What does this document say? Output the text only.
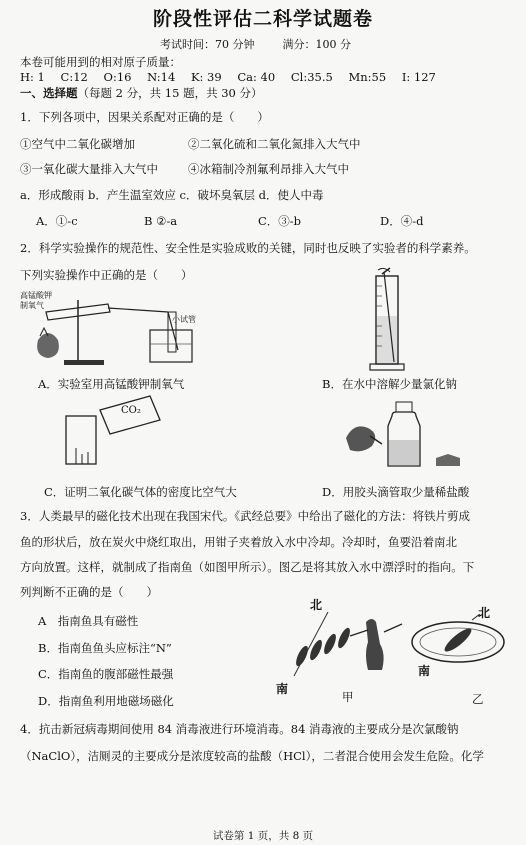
阶段性评估二科学试题卷
考试时间：70 分钟	满分：100 分
本卷可能用到的相对原子质量：
H: 1 C:12 O:16 N:14 K: 39 Ca: 40 Cl:35.5 Mn:55 I: 127
一、选择题（每题 2 分，共 15 题，共 30 分）
1．下列各项中，因果关系配对正确的是（　　）
①空气中二氧化碳增加	②二氧化硫和二氧化氮排入大气中
③一氧化碳大量排入大气中	④冰箱制冷剂氟利昂排入大气中
a．形成酸雨 b．产生温室效应 c．破坏臭氧层 d．使人中毒
A．①-c	B ②-a	C．③-b	D．④-d
2．科学实验操作的规范性、安全性是实验成败的关键，同时也反映了实验者的科学素养。
下列实验操作中正确的是（　　）
高锰酸钾
制氧气
小试管
A．实验室用高锰酸钾制氧气	B．在水中溶解少量氯化钠
CO₂
C．证明二氧化碳气体的密度比空气大	D．用胶头滴管取少量稀盐酸
3．人类最早的磁化技术出现在我国宋代。《武经总要》中给出了磁化的方法：将铁片剪成
鱼的形状后，放在炭火中烧红取出，用钳子夹着放入水中冷却。冷却时，鱼要沿着南北
方向放置。这样，就制成了指南鱼（如图甲所示）。图乙是将其放入水中漂浮时的指向。下
列判断不正确的是（　　）
A　指南鱼具有磁性
B．指南鱼鱼头应标注“N”
C．指南鱼的腹部磁性最强
D．指南鱼利用地磁场磁化
北
南
甲
北
南
乙
4．抗击新冠病毒期间使用 84 消毒液进行环境消毒。84 消毒液的主要成分是次氯酸钠
（NaClO），洁厕灵的主要成分是浓度较高的盐酸（HCl），二者混合使用会发生危险。化学
试卷第 1 页，共 8 页
